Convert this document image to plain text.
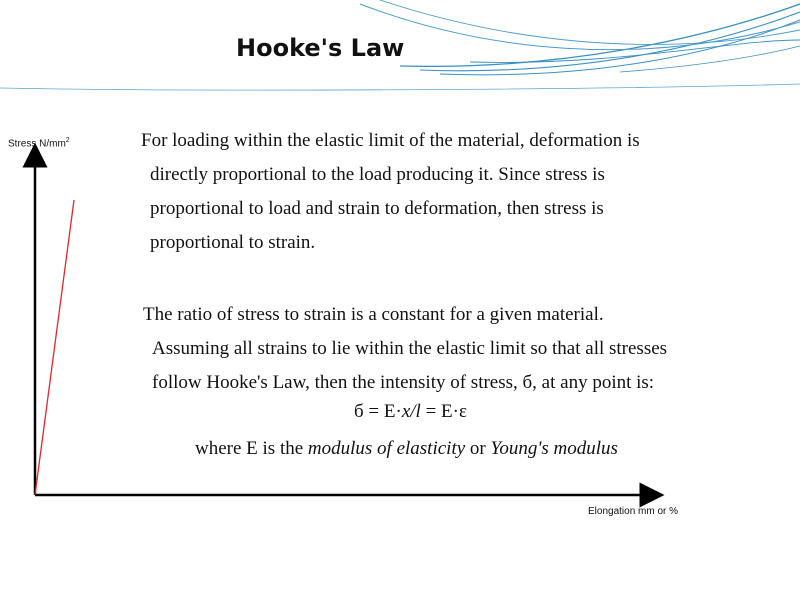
Hooke's Law
Stress $N/mm^2$
Elongation mm or %
For loading within the elastic limit of the material, deformation is
directly proportional to the load producing it. Since stress is
proportional to load and strain to deformation, then stress is
proportional to strain.
The ratio of stress to strain is a constant for a given material.
Assuming all strains to lie within the elastic limit so that all stresses
follow Hooke's Law, then the intensity of stress, б, at any point is:
б = E·x/l = E·ε
where E is the modulus of elasticity or Young's modulus
